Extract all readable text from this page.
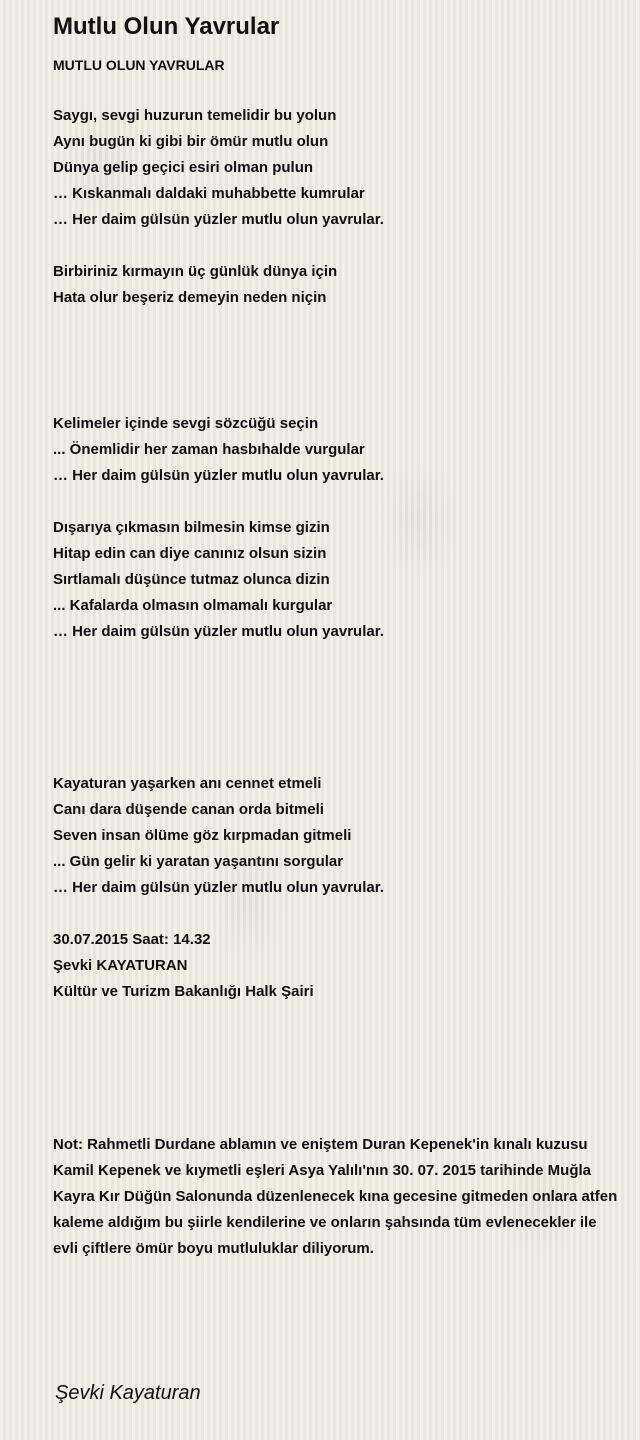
Mutlu Olun Yavrular
MUTLU OLUN YAVRULAR
Saygı, sevgi huzurun temelidir bu yolun
Aynı bugün ki gibi bir ömür mutlu olun
Dünya gelip geçici esiri olman pulun
… Kıskanmalı daldaki muhabbette kumrular
… Her daim gülsün yüzler mutlu olun yavrular.
Birbiriniz kırmayın üç günlük dünya için
Hata olur beşeriz demeyin neden niçin
Kelimeler içinde sevgi sözcüğü seçin
... Önemlidir her zaman hasbıhalde vurgular
… Her daim gülsün yüzler mutlu olun yavrular.
Dışarıya çıkmasın bilmesin kimse gizin
Hitap edin can diye canınız olsun sizin
Sırtlamalı düşünce tutmaz olunca dizin
... Kafalarda olmasın olmamalı kurgular
… Her daim gülsün yüzler mutlu olun yavrular.
Kayaturan yaşarken anı cennet etmeli
Canı dara düşende canan orda bitmeli
Seven insan ölüme göz kırpmadan gitmeli
... Gün gelir ki yaratan yaşantını sorgular
… Her daim gülsün yüzler mutlu olun yavrular.
30.07.2015 Saat: 14.32
Şevki KAYATURAN
Kültür ve Turizm Bakanlığı Halk Şairi
Not: Rahmetli Durdane ablamın ve eniştem Duran Kepenek'in kınalı kuzusu Kamil Kepenek ve kıymetli eşleri Asya Yalılı'nın 30. 07. 2015 tarihinde Muğla Kayra Kır Düğün Salonunda düzenlenecek kına gecesine gitmeden onlara atfen kaleme aldığım bu şiirle kendilerine ve onların şahsında tüm evlenecekler ile evli çiftlere ömür boyu mutluluklar diliyorum.
Şevki Kayaturan
